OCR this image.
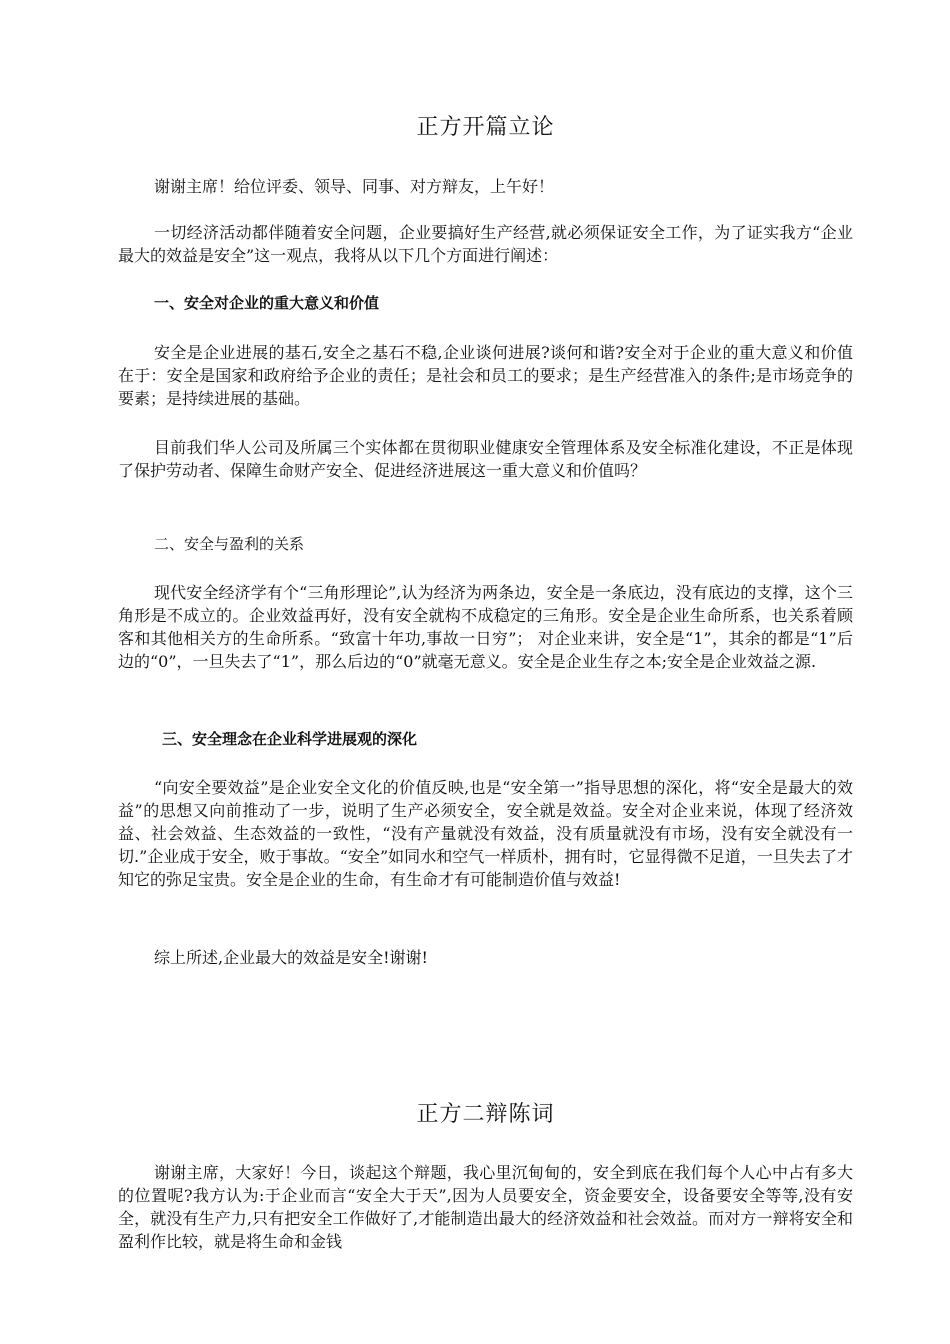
正方开篇立论

谢谢主席！给位评委、领导、同事、对方辩友，上午好！

一切经济活动都伴随着安全问题，企业要搞好生产经营,就必须保证安全工作，为了证实我方“企业最大的效益是安全”这一观点，我将从以下几个方面进行阐述：

一、安全对企业的重大意义和价值

安全是企业进展的基石,安全之基石不稳,企业谈何进展?谈何和谐?安全对于企业的重大意义和价值在于：安全是国家和政府给予企业的责任；是社会和员工的要求；是生产经营准入的条件;是市场竞争的要素；是持续进展的基础。

目前我们华人公司及所属三个实体都在贯彻职业健康安全管理体系及安全标准化建设，不正是体现了保护劳动者、保障生命财产安全、促进经济进展这一重大意义和价值吗？

二、安全与盈利的关系

现代安全经济学有个“三角形理论”,认为经济为两条边，安全是一条底边，没有底边的支撑，这个三角形是不成立的。企业效益再好，没有安全就构不成稳定的三角形。安全是企业生命所系，也关系着顾客和其他相关方的生命所系。“致富十年功,事故一日穷”； 对企业来讲，安全是“1”，其余的都是“1”后边的“0”，一旦失去了“1”，那么后边的“0”就毫无意义。安全是企业生存之本;安全是企业效益之源.

三、安全理念在企业科学进展观的深化

“向安全要效益”是企业安全文化的价值反映,也是“安全第一”指导思想的深化，将“安全是最大的效益”的思想又向前推动了一步，说明了生产必须安全，安全就是效益。安全对企业来说，体现了经济效益、社会效益、生态效益的一致性，“没有产量就没有效益，没有质量就没有市场，没有安全就没有一切.”企业成于安全，败于事故。“安全”如同水和空气一样质朴，拥有时，它显得微不足道，一旦失去了才知它的弥足宝贵。安全是企业的生命，有生命才有可能制造价值与效益!

综上所述,企业最大的效益是安全!谢谢!

正方二辩陈词

谢谢主席，大家好！今日，谈起这个辩题，我心里沉甸甸的，安全到底在我们每个人心中占有多大的位置呢?我方认为:于企业而言“安全大于天”,因为人员要安全，资金要安全，设备要安全等等,没有安全，就没有生产力,只有把安全工作做好了,才能制造出最大的经济效益和社会效益。而对方一辩将安全和盈利作比较，就是将生命和金钱
